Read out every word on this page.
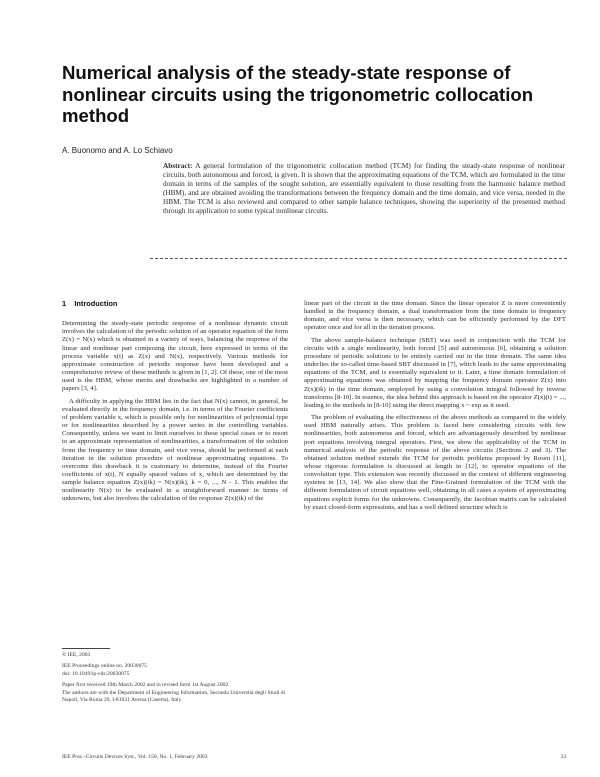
Numerical analysis of the steady-state response of nonlinear circuits using the trigonometric collocation method
A. Buonomo and A. Lo Schiavo
Abstract: A general formulation of the trigonometric collocation method (TCM) for finding the steady-state response of nonlinear circuits, both autonomous and forced, is given. It is shown that the approximating equations of the TCM, which are formulated in the time domain in terms of the samples of the sought solution, are essentially equivalent to those resulting from the harmonic balance method (HBM), and are obtained avoiding the transformations between the frequency domain and the time domain, and vice versa, needed in the HBM. The TCM is also reviewed and compared to other sample balance techniques, showing the superiority of the presented method through its application to some typical nonlinear circuits.
1 Introduction

Determining the steady-state periodic response of a nonlinear dynamic circuit involves the calculation of the periodic solution of an operator equation of the form Z(x) = N(x) which is obtained in a variety of ways, balancing the response of the linear and nonlinear part composing the circuit, here expressed in terms of the process variable x(t) as Z(x) and N(x), respectively. Various methods for approximate construction of periodic response have been developed and a comprehensive review of these methods is given in [1, 2]. Of these, one of the most used is the HBM, whose merits and drawbacks are highlighted in a number of papers [3, 4].

A difficulty in applying the HBM lies in the fact that N(x) cannot, in general, be evaluated directly in the frequency domain, i.e. in terms of the Fourier coefficients of problem variable x, which is possible only for nonlinearities of polynomial type or for nonlinearities described by a power series in the controlling variables. Consequently, unless we want to limit ourselves to these special cases or to resort to an approximate representation of nonlinearities, a transformation of the solution from the frequency to time domain, and vice versa, should be performed at each iteration in the solution procedure of nonlinear approximating equations. To overcome this drawback it is customary to determine, instead of the Fourier coefficients of x(t), N equally spaced values of x, which are determined by the sample balance equation Z(x)(tk) = N(x)(tk), k = 0, ..., N - 1. This enables the nonlinearity N(x) to be evaluated in a straightforward manner in terms of unknowns, but also involves the calculation of the response Z(x)(tk) of the

linear part of the circuit in the time domain. Since the linear operator Z is more conveniently handled in the frequency domain, a dual transformation from the time domain to frequency domain, and vice versa is then necessary, which can be efficiently performed by the DFT operator once and for all in the iteration process.

The above sample-balance technique (SBT) was used in conjunction with the TCM for circuits with a single nonlinearity, both forced [5] and autonomous [6], obtaining a solution procedure of periodic solutions to be entirely carried out in the time domain. The same idea underlies the so-called time-based SBT discussed in [7], which leads to the same approximating equations of the TCM, and is essentially equivalent to it. Later, a time domain formulation of approximating equations was obtained by mapping the frequency domain operator Z(x) into Z(x)(tk) in the time domain, employed by using a convolution integral followed by inverse transforms [8-10]. In essence, the idea behind this approach is based on the operator Z(x)(t) = ..., leading to the methods in [8-10] using the direct mapping x ~ exp as it used.

The problem of evaluating the effectiveness of the above methods as compared to the widely used HBM naturally arises. This problem is faced here considering circuits with few nonlinearities, both autonomous and forced, which are advantageously described by nonlinear port equations involving integral operators. First, we show the applicability of the TCM in numerical analysis of the periodic response of the above circuits (Sections 2 and 3). The obtained solution method extends the TCM for periodic problems proposed by Rosen [11], whose rigorous formulation is discussed at length in [12], to operator equations of the convolution type. This extension was recently discussed in the context of different engineering systems in [13, 14]. We also show that the Fine-Grained formulation of the TCM with the different formulation of circuit equations well, obtaining in all cases a system of approximating equations explicit forms for the unknowns. Consequently, the Jacobian matrix can be calculated by exact closed-form expressions, and has a well defined structure which is

© IEE, 2003
IEE Proceedings online no. 20030075
doi: 10.1049/ip-cds:20030075
Paper first received 19th March 2002 and in revised form 1st August 2002
The authors are with the Department of Engineering Information, Seconda Università degli Studi di Napoli, Via Roma 29, I-81031 Aversa (Caserta), Italy
IEE Proc.-Circuits Devices Syst., Vol. 150, No. 1, February 2003	33
